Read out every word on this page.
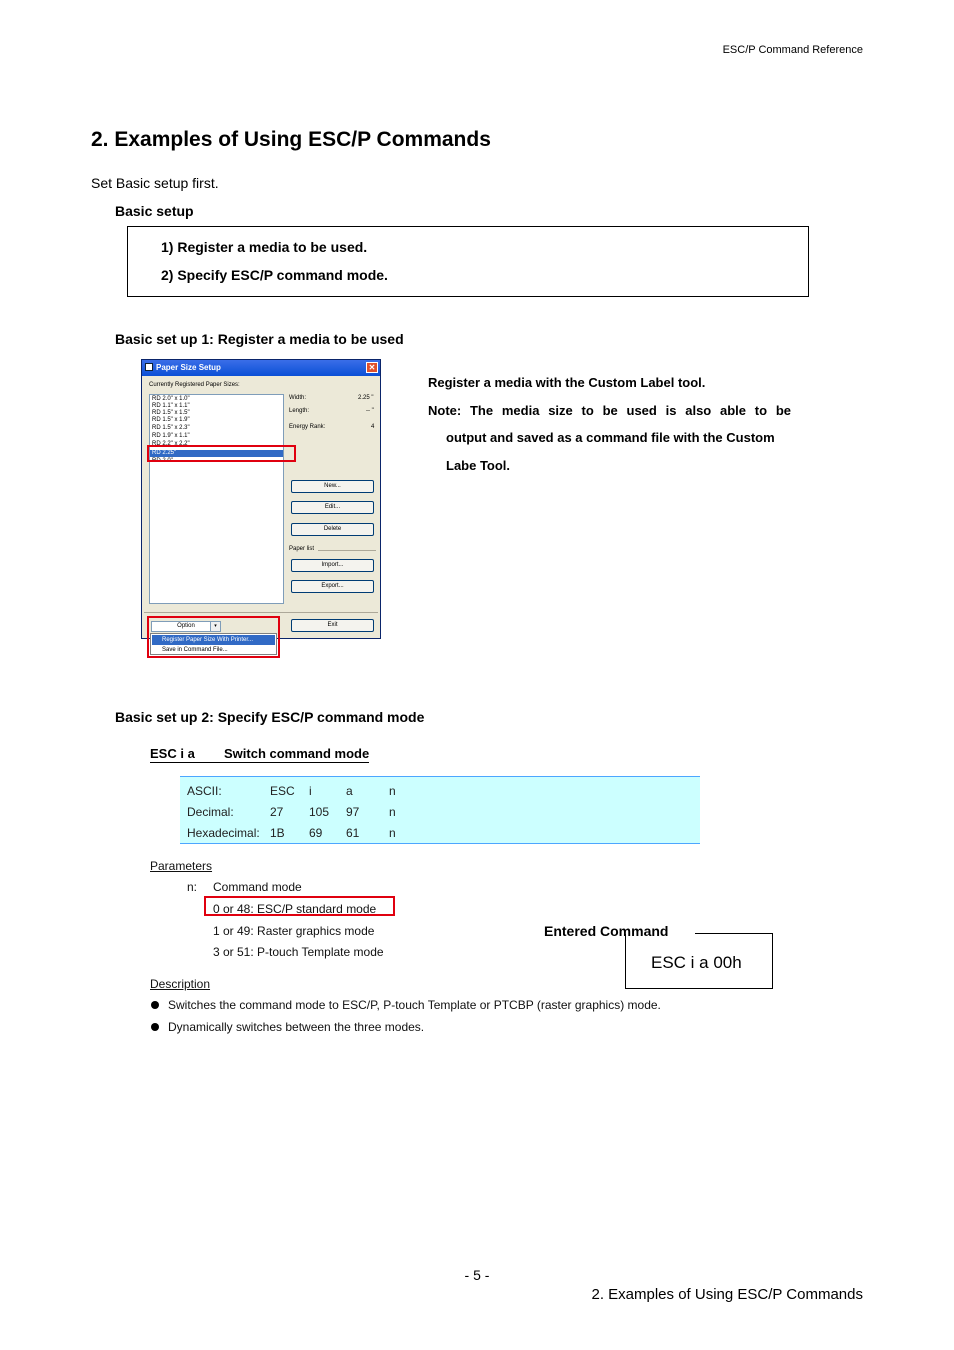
ESC/P Command Reference
2. Examples of Using ESC/P Commands
Set Basic setup first.
Basic setup
1) Register a media to be used.
2) Specify ESC/P command mode.
Basic set up 1: Register a media to be used
Paper Size Setup	✕
Currently Registered Paper Sizes:
RD 2.0" x 1.0"
RD 1.1" x 1.1"
RD 1.5" x 1.5"
RD 1.5" x 1.9"
RD 1.5" x 2.3"
RD 1.9" x 1.1"
RD 2.2" x 2.2"
RD 2.25"
RD 2.0"
Width:	2.25 "
Length:	-- "
Energy Rank:	4
New...
Edit...
Delete
Paper list
Import...
Export...
Option	▾	Exit
Register Paper Size With Printer...
Save in Command File...
Register a media with the Custom Label tool.
Note: The media size to be used is also able to be
output and saved as a command file with the Custom
Labe Tool.
Basic set up 2: Specify ESC/P command mode
ESC i a Switch command mode
ASCII:	ESC i	a	n
Decimal:	27 105 97 n
Hexadecimal: 1B 69 61 n
Parameters
n: Command mode
0 or 48: ESC/P standard mode
1 or 49: Raster graphics mode
3 or 51: P-touch Template mode
Entered Command
ESC i a 00h
Description
Switches the command mode to ESC/P, P-touch Template or PTCBP (raster graphics) mode.
Dynamically switches between the three modes.
- 5 -
2. Examples of Using ESC/P Commands
